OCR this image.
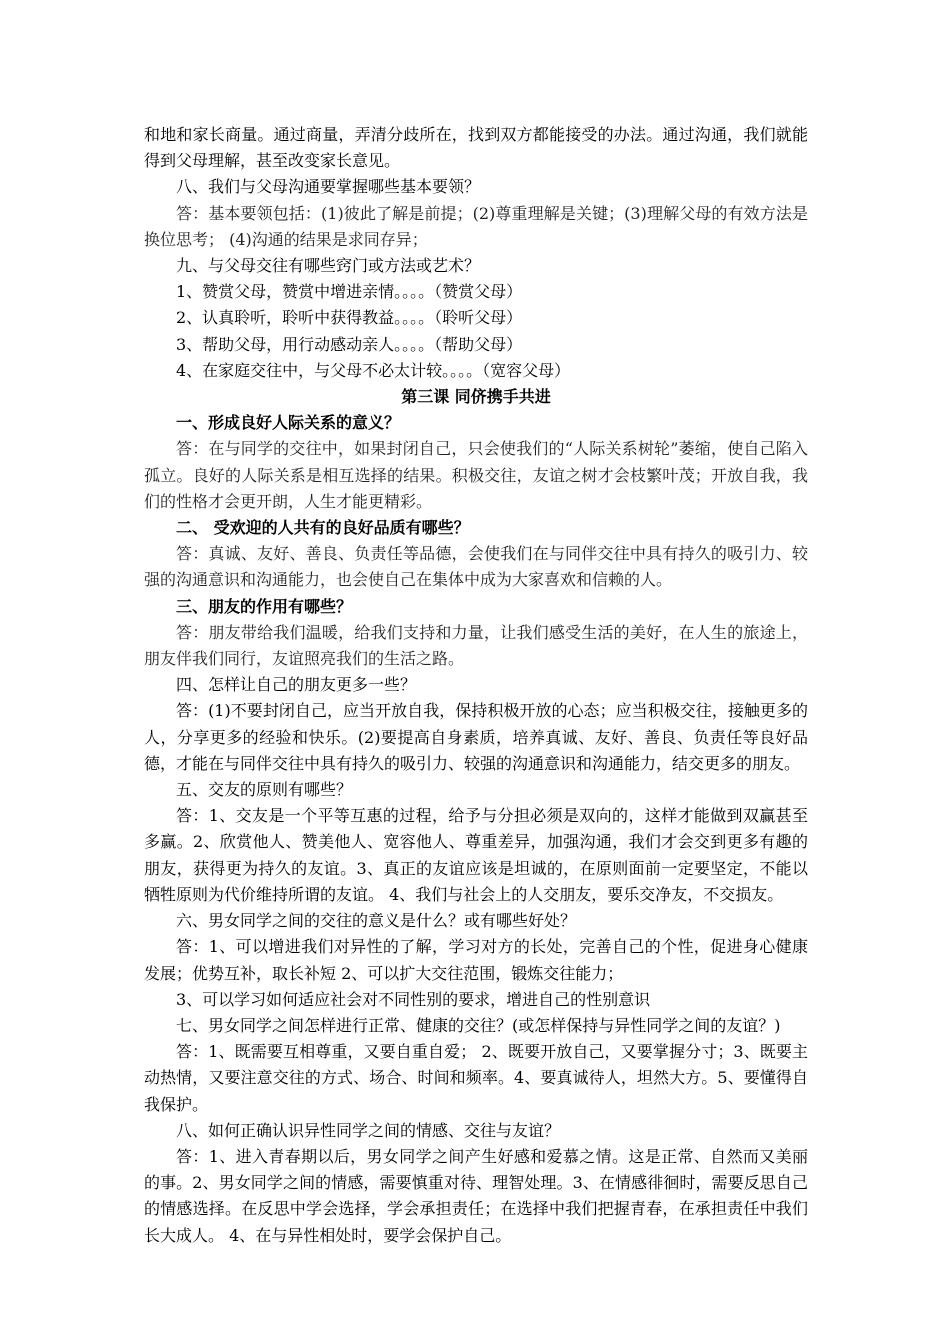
和地和家长商量。通过商量，弄清分歧所在，找到双方都能接受的办法。通过沟通，我们就能得到父母理解，甚至改变家长意见。

八、我们与父母沟通要掌握哪些基本要领？

答：基本要领包括：(1)彼此了解是前提；(2)尊重理解是关键；(3)理解父母的有效方法是换位思考； (4)沟通的结果是求同存异；

九、与父母交往有哪些窍门或方法或艺术？

1、赞赏父母，赞赏中增进亲情。。。。（赞赏父母）

2、认真聆听，聆听中获得教益。。。。（聆听父母）

3、帮助父母，用行动感动亲人。。。。（帮助父母）

4、在家庭交往中，与父母不必太计较。。。。（宽容父母）

第三课 同侪携手共进

一、形成良好人际关系的意义？

答：在与同学的交往中，如果封闭自己，只会使我们的“人际关系树轮”萎缩，使自己陷入孤立。良好的人际关系是相互选择的结果。积极交往，友谊之树才会枝繁叶茂；开放自我，我们的性格才会更开朗，人生才能更精彩。

二、 受欢迎的人共有的良好品质有哪些？

答：真诚、友好、善良、负责任等品德，会使我们在与同伴交往中具有持久的吸引力、较强的沟通意识和沟通能力，也会使自己在集体中成为大家喜欢和信赖的人。

三、朋友的作用有哪些？

答：朋友带给我们温暖，给我们支持和力量，让我们感受生活的美好，在人生的旅途上，朋友伴我们同行，友谊照亮我们的生活之路。

四、怎样让自己的朋友更多一些？

答：(1)不要封闭自己，应当开放自我，保持积极开放的心态；应当积极交往，接触更多的人，分享更多的经验和快乐。(2)要提高自身素质，培养真诚、友好、善良、负责任等良好品德，才能在与同伴交往中具有持久的吸引力、较强的沟通意识和沟通能力，结交更多的朋友。

五、交友的原则有哪些？

答：1、交友是一个平等互惠的过程，给予与分担必须是双向的，这样才能做到双赢甚至多赢。2、欣赏他人、赞美他人、宽容他人、尊重差异，加强沟通，我们才会交到更多有趣的朋友，获得更为持久的友谊。3、真正的友谊应该是坦诚的，在原则面前一定要坚定，不能以牺牲原则为代价维持所谓的友谊。 4、我们与社会上的人交朋友，要乐交净友，不交损友。

六、男女同学之间的交往的意义是什么？或有哪些好处？

答：1、可以增进我们对异性的了解，学习对方的长处，完善自己的个性，促进身心健康发展；优势互补，取长补短 2、可以扩大交往范围，锻炼交往能力；

3、可以学习如何适应社会对不同性别的要求，增进自己的性别意识

七、男女同学之间怎样进行正常、健康的交往？(或怎样保持与异性同学之间的友谊？)

答：1、既需要互相尊重，又要自重自爱； 2、既要开放自己，又要掌握分寸；3、既要主动热情，又要注意交往的方式、场合、时间和频率。4、要真诚待人，坦然大方。5、要懂得自我保护。

八、如何正确认识异性同学之间的情感、交往与友谊？

答：1、进入青春期以后，男女同学之间产生好感和爱慕之情。这是正常、自然而又美丽的事。2、男女同学之间的情感，需要慎重对待、理智处理。3、在情感徘徊时，需要反思自己的情感选择。在反思中学会选择，学会承担责任；在选择中我们把握青春，在承担责任中我们长大成人。 4、在与异性相处时，要学会保护自己。
